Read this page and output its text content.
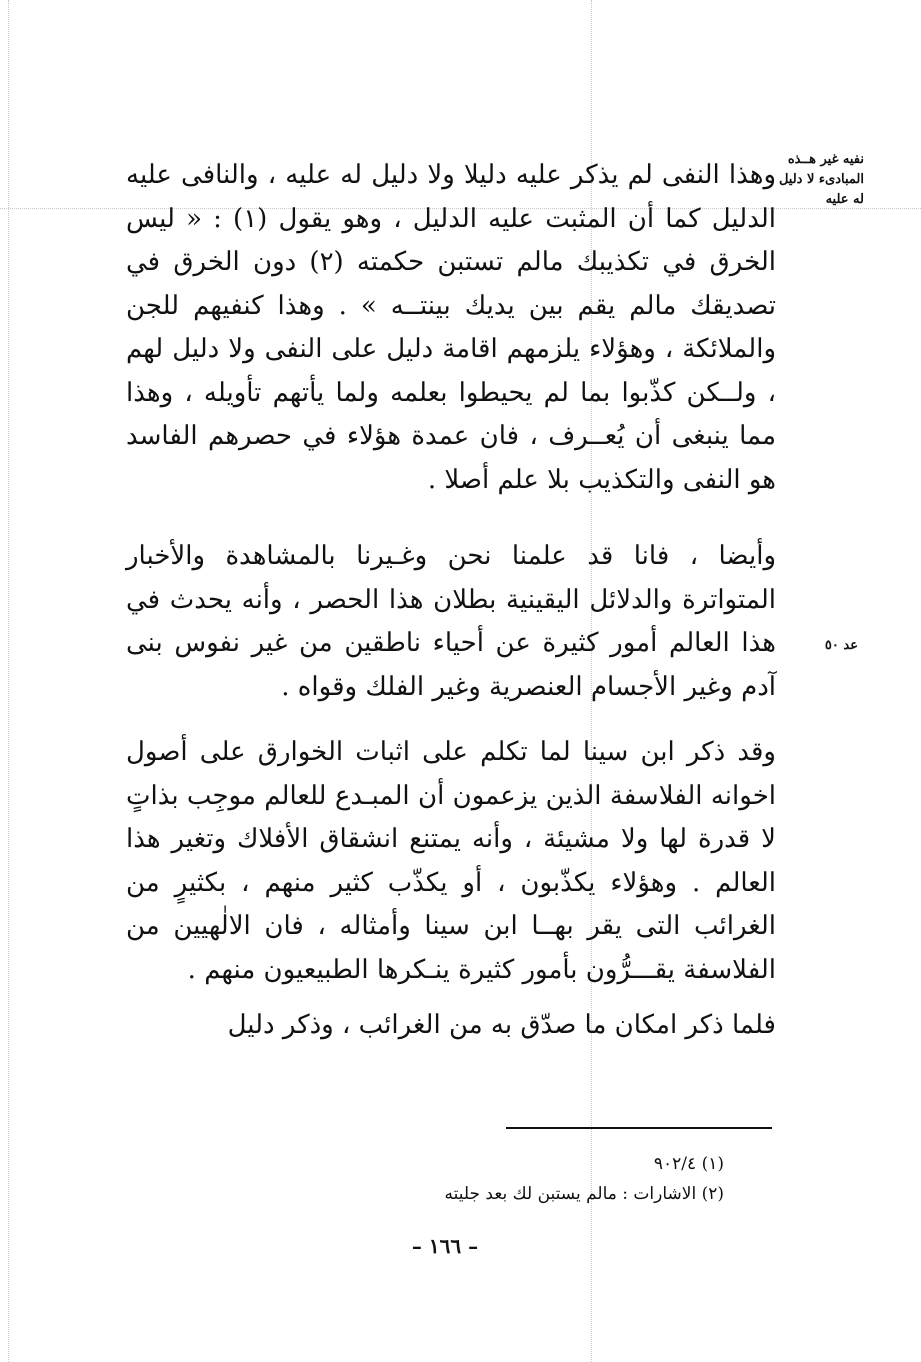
نفيه غير هــذه
المبادىء لا دليل
له عليه
عد ٥٠

وهذا النفى لم يذكر عليه دليلا ولا دليل له عليه ، والنافى عليه الدليل كما أن المثبت عليه الدليل ، وهو يقول (١) : « ليس الخرق في تكذيبك مالم تستبن حكمته (٢) دون الخرق في تصديقك مالم يقم بين يديك بينتــه » . وهذا كنفيهم للجن والملائكة ، وهؤلاء يلزمهم اقامة دليل على النفى ولا دليل لهم ، ولــكن كذّبوا بما لم يحيطوا بعلمه ولما يأتهم تأويله ، وهذا مما ينبغى أن يُعــرف ، فان عمدة هؤلاء في حصرهم الفاسد هو النفى والتكذيب بلا علم أصلا .

وأيضا ، فانا قد علمنا نحن وغـيرنا بالمشاهدة والأخبار المتواترة والدلائل اليقينية بطلان هذا الحصر ، وأنه يحدث في هذا العالم أمور كثيرة عن أحياء ناطقين من غير نفوس بنى آدم وغير الأجسام العنصرية وغير الفلك وقواه .

وقد ذكر ابن سينا لما تكلم على اثبات الخوارق على أصول اخوانه الفلاسفة الذين يزعمون أن المبـدع للعالم موجِب بذاتٍ لا قدرة لها ولا مشيئة ، وأنه يمتنع انشقاق الأفلاك وتغير هذا العالم . وهؤلاء يكذّبون ، أو يكذّب كثير منهم ، بكثيرٍ من الغرائب التى يقر بهــا ابن سينا وأمثاله ، فان الالٰهيين من الفلاسفة يقـــرُّون بأمور كثيرة ينـكرها الطبيعيون منهم .

فلما ذكر امكان ما صدّق به من الغرائب ، وذكر دليل

(١) ٩٠٢/٤
(٢) الاشارات : مالم يستبن لك بعد جليته
– ١٦٦ –
